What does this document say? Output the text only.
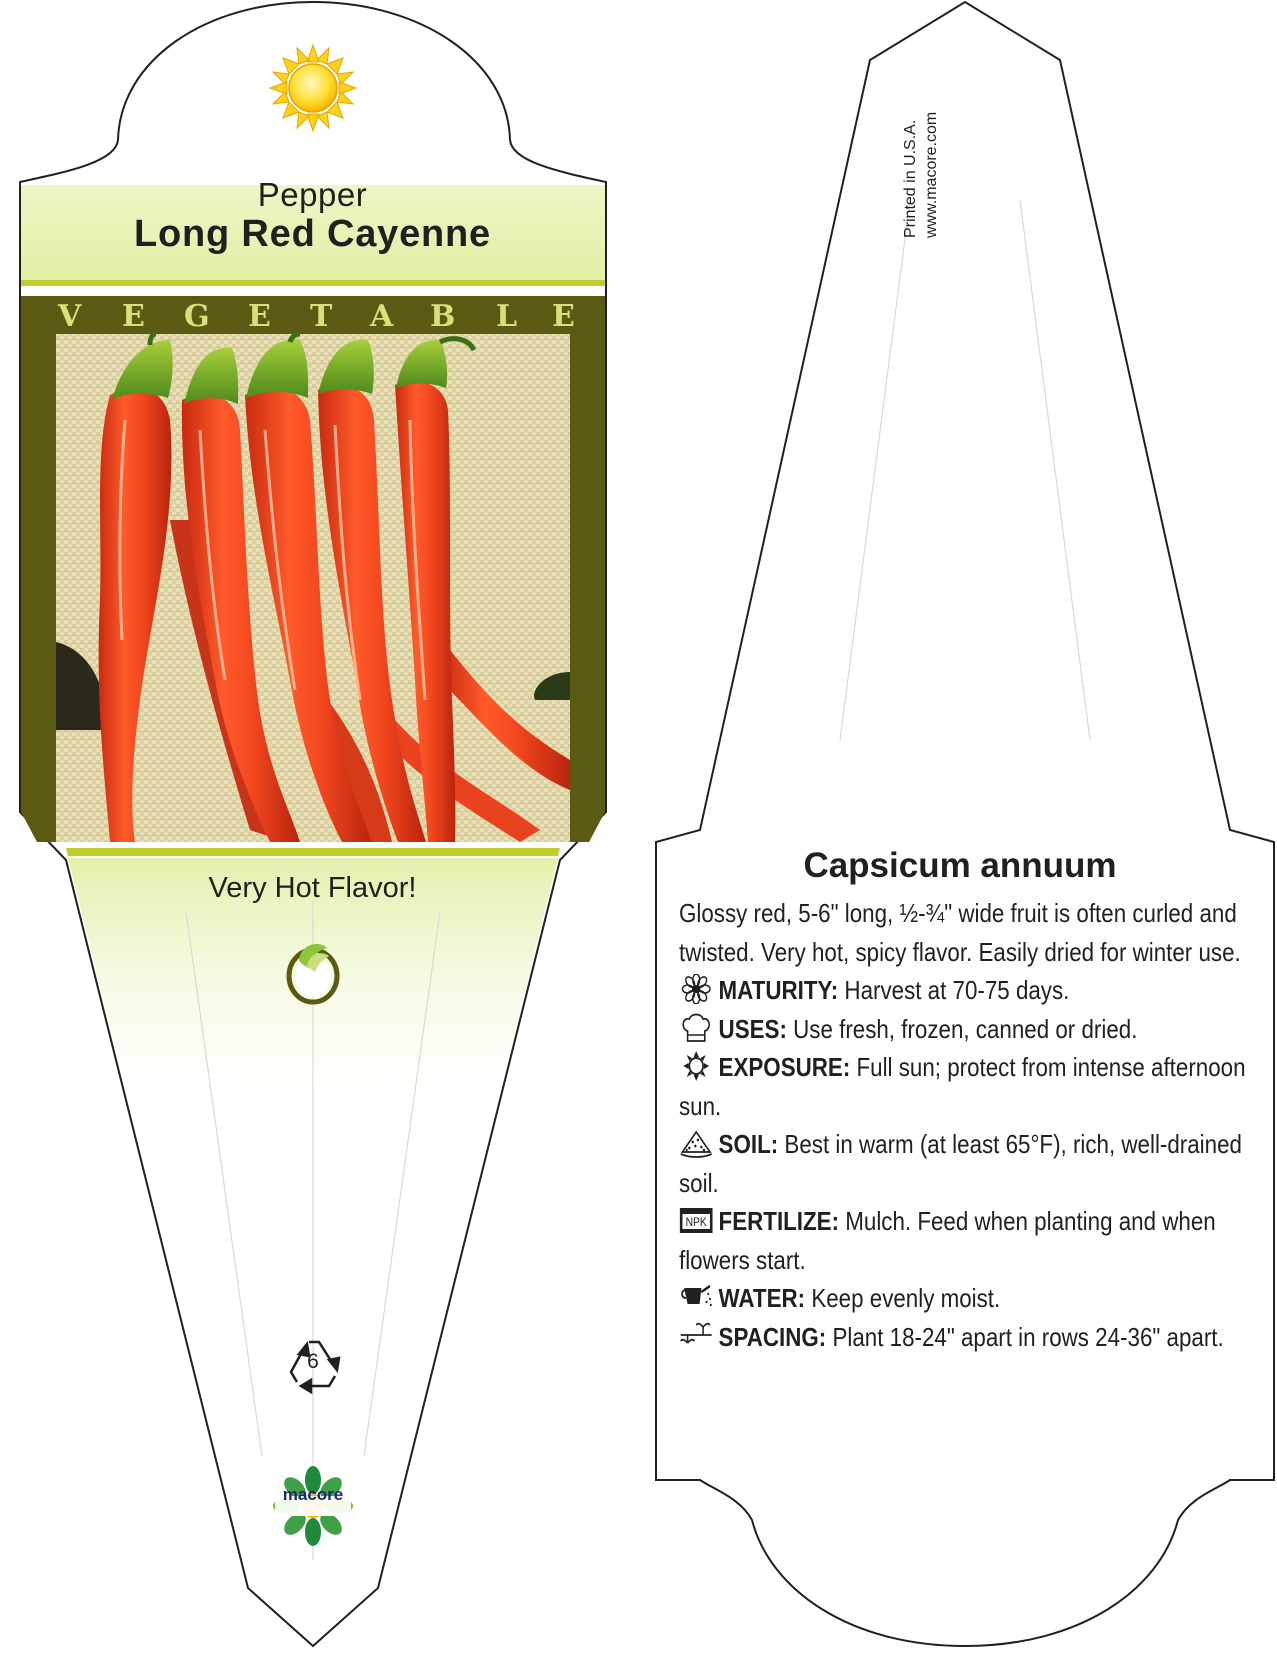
Pepper
Long Red Cayenne
V E G E T A B L E
Very Hot Flavor!
6
macore
Printed in U.S.A. www.macore.com
Capsicum annuum

Glossy red, 5-6" long, ½-¾" wide fruit is often curled and twisted. Very hot, spicy flavor. Easily dried for winter use.

MATURITY: Harvest at 70-75 days.

USES: Use fresh, frozen, canned or dried.

EXPOSURE: Full sun; protect from intense afternoon sun.

SOIL: Best in warm (at least 65°F), rich, well-drained soil.

NPK FERTILIZE: Mulch. Feed when planting and when flowers start.

WATER: Keep evenly moist.

SPACING: Plant 18-24" apart in rows 24-36" apart.
